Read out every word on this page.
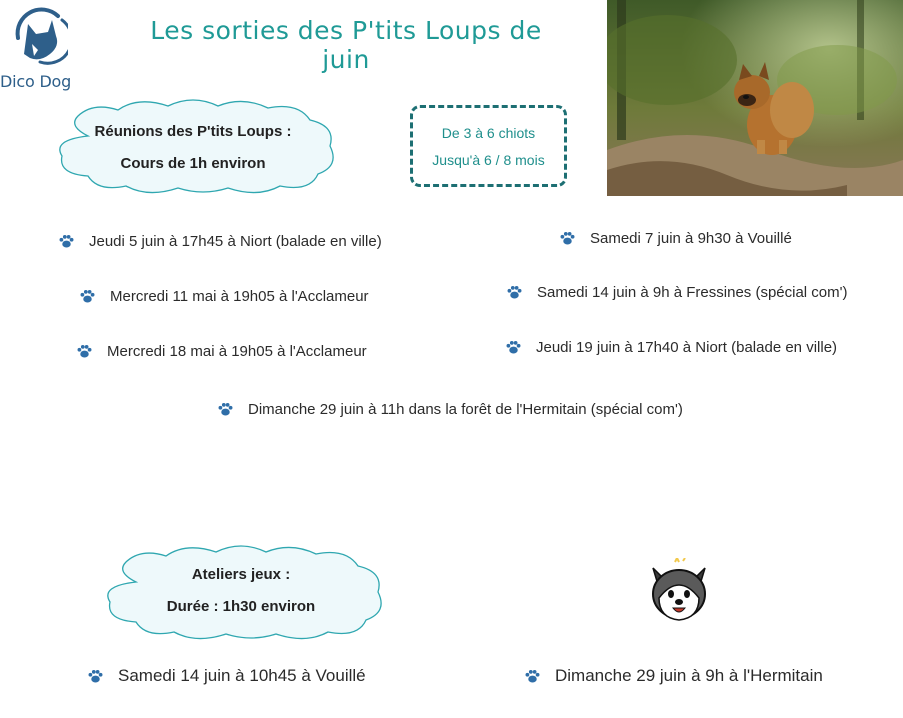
Dico Dog
Les sorties des P'tits Loups de juin
Réunions des P'tits Loups :
Cours de 1h environ
De 3 à 6 chiots
Jusqu'à 6 / 8 mois
Jeudi 5 juin à 17h45 à Niort (balade en ville)
Mercredi 11 mai à 19h05 à l'Acclameur
Mercredi 18 mai à 19h05 à l'Acclameur
Samedi 7 juin à 9h30 à Vouillé
Samedi 14 juin à 9h à Fressines (spécial com')
Jeudi 19 juin à 17h40 à Niort (balade en ville)
Dimanche 29 juin à 11h dans la forêt de l'Hermitain (spécial com')
Ateliers jeux :
Durée : 1h30 environ
Samedi 14 juin à 10h45 à Vouillé	Dimanche 29 juin à 9h à l'Hermitain
